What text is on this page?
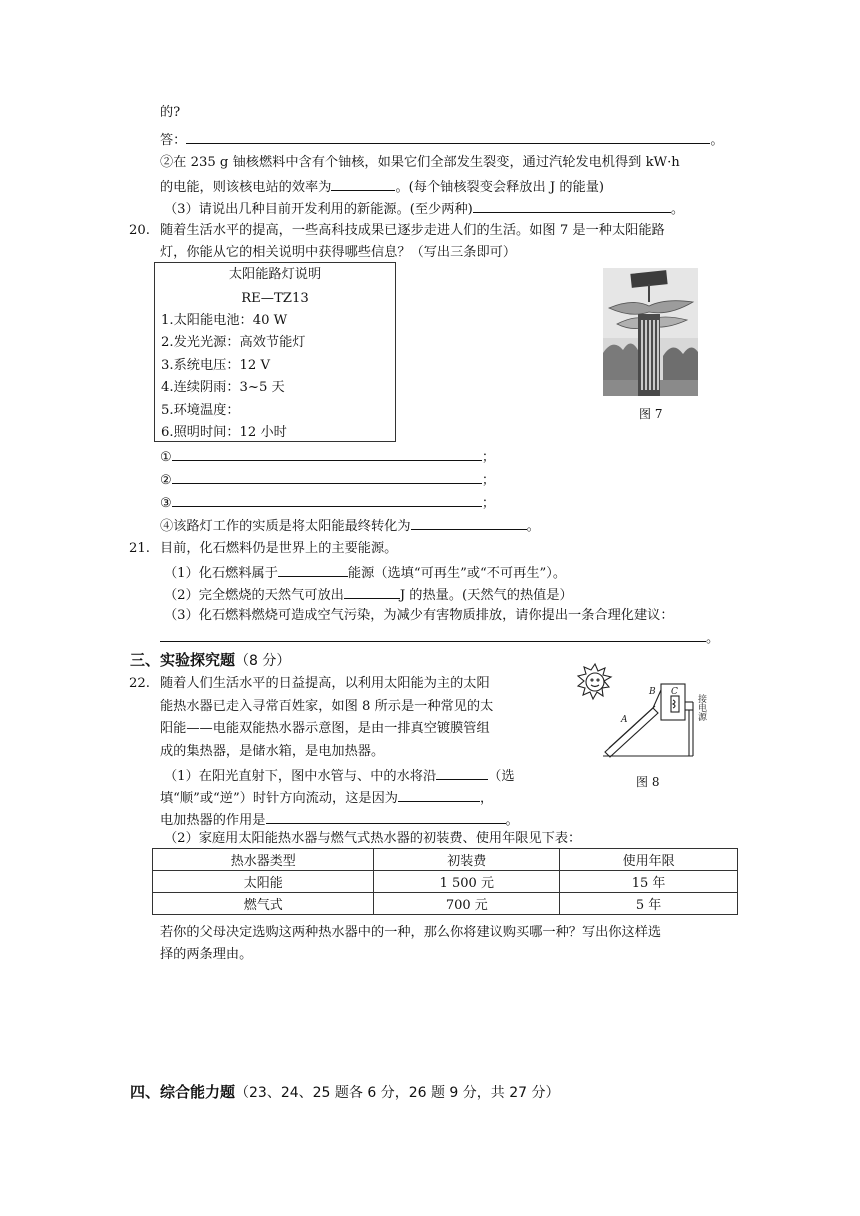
的?
答：	。
②在 235 g 铀核燃料中含有个铀核，如果它们全部发生裂变，通过汽轮发电机得到 kW·h
的电能，则该核电站的效率为	。(每个铀核裂变会释放出 J 的能量)
（3）请说出几种目前开发利用的新能源。(至少两种)	。
20. 随着生活水平的提高，一些高科技成果已逐步走进人们的生活。如图 7 是一种太阳能路
灯，你能从它的相关说明中获得哪些信息？（写出三条即可）
太阳能路灯说明
RE—TZ13
1.太阳能电池：40 W
2.发光光源：高效节能灯
3.系统电压：12 V
4.连续阴雨：3~5 天
5.环境温度：
6.照明时间：12 小时
图 7
①	；
②	；
③	；
④该路灯工作的实质是将太阳能最终转化为	。
21. 目前，化石燃料仍是世界上的主要能源。
（1）化石燃料属于	能源（选填“可再生”或“不可再生”）。
（2）完全燃烧的天然气可放出	J 的热量。(天然气的热值是）
（3）化石燃料燃烧可造成空气污染，为减少有害物质排放，请你提出一条合理化建议：
。
三、实验探究题（8 分）
22. 随着人们生活水平的日益提高，以利用太阳能为主的太阳
能热水器已走入寻常百姓家，如图 8 所示是一种常见的太
阳能——电能双能热水器示意图，是由一排真空镀膜管组
成的集热器，是储水箱，是电加热器。
（1）在阳光直射下，图中水管与、中的水将沿	（选
填“顺”或“逆”）时针方向流动，这是因为	，
电加热器的作用是	。
（2）家庭用太阳能热水器与燃气式热水器的初装费、使用年限见下表：
A
B C
接电源
图 8
热水器类型	初装费	使用年限
太阳能	1 500 元	15 年
燃气式	700 元	5 年
若你的父母决定选购这两种热水器中的一种，那么你将建议购买哪一种？写出你这样选
择的两条理由。
四、综合能力题（23、24、25 题各 6 分，26 题 9 分，共 27 分）
